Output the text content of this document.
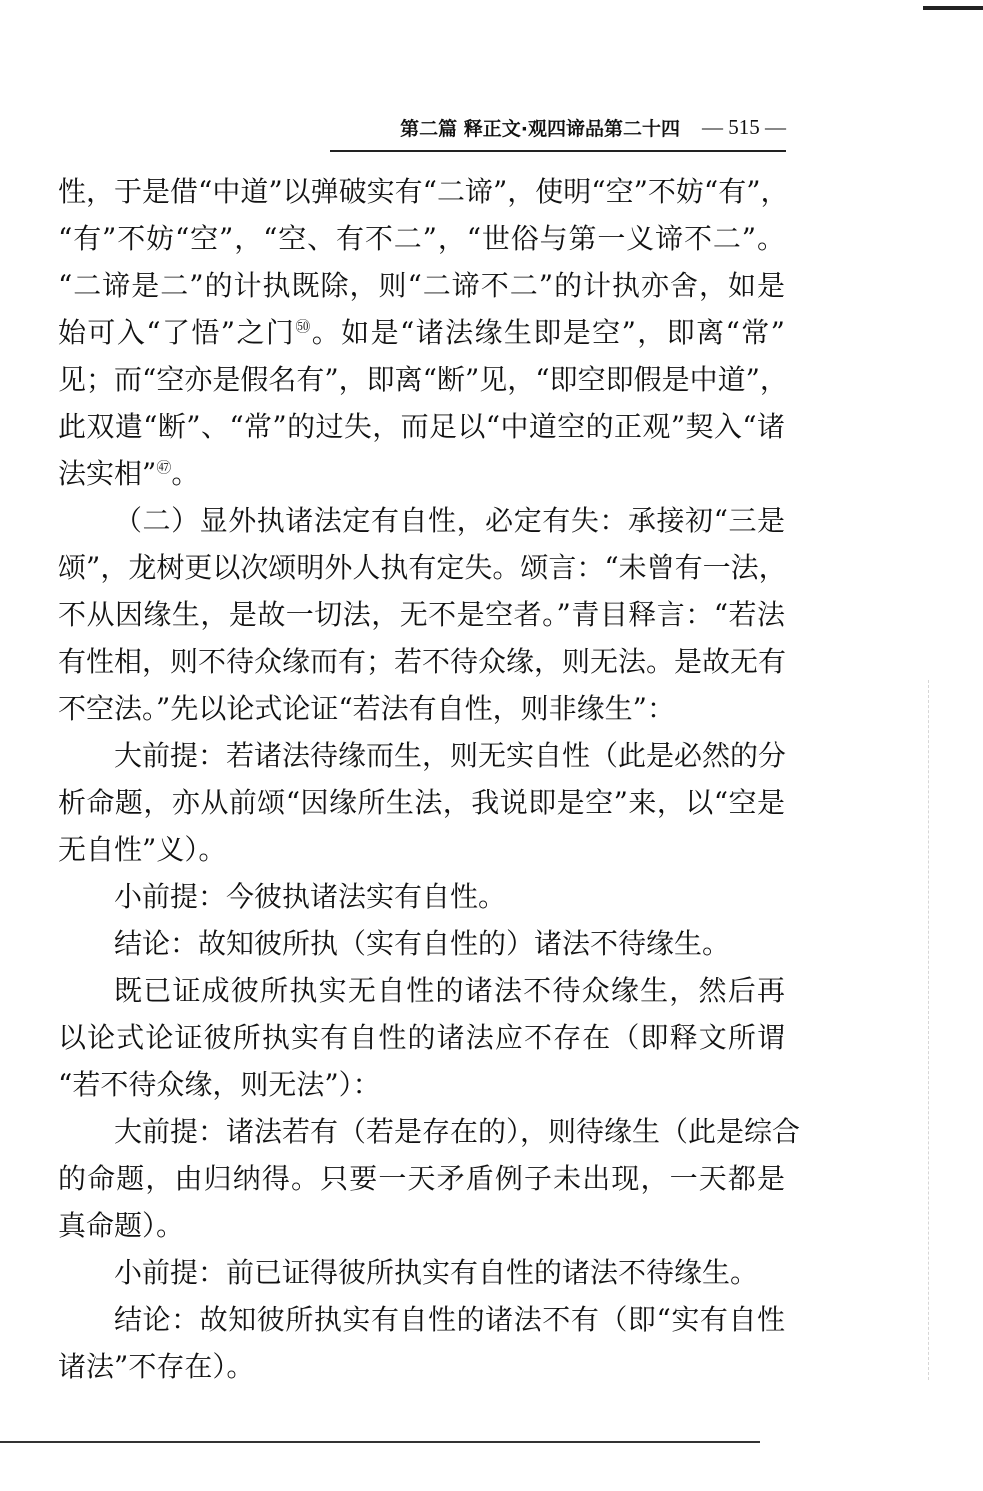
第二篇 释正文·观四谛品第二十四 — 515 —
性，于是借“中道”以弹破实有“二谛”，使明“空”不妨“有”，
“有”不妨“空”，“空、有不二”，“世俗与第一义谛不二”。
“二谛是二”的计执既除，则“二谛不二”的计执亦舍，如是
始可入“了悟”之门$^㊿$。如是“诸法缘生即是空”，即离“常”
见；而“空亦是假名有”，即离“断”见，“即空即假是中道”，
此双遣“断”、“常”的过失，而足以“中道空的正观”契入“诸
法实相”$^㊼$。
（二）显外执诸法定有自性，必定有失：承接初“三是
颂”，龙树更以次颂明外人执有定失。颂言：“未曾有一法，
不从因缘生，是故一切法，无不是空者。”青目释言：“若法
有性相，则不待众缘而有；若不待众缘，则无法。是故无有
不空法。”先以论式论证“若法有自性，则非缘生”：
大前提：若诸法待缘而生，则无实自性（此是必然的分
析命题，亦从前颂“因缘所生法，我说即是空”来，以“空是
无自性”义）。
小前提：今彼执诸法实有自性。
结论：故知彼所执（实有自性的）诸法不待缘生。
既已证成彼所执实无自性的诸法不待众缘生，然后再
以论式论证彼所执实有自性的诸法应不存在（即释文所谓
“若不待众缘，则无法”）：
大前提：诸法若有（若是存在的），则待缘生（此是综合
的命题，由归纳得。只要一天矛盾例子未出现，一天都是
真命题）。
小前提：前已证得彼所执实有自性的诸法不待缘生。
结论：故知彼所执实有自性的诸法不有（即“实有自性
诸法”不存在）。
